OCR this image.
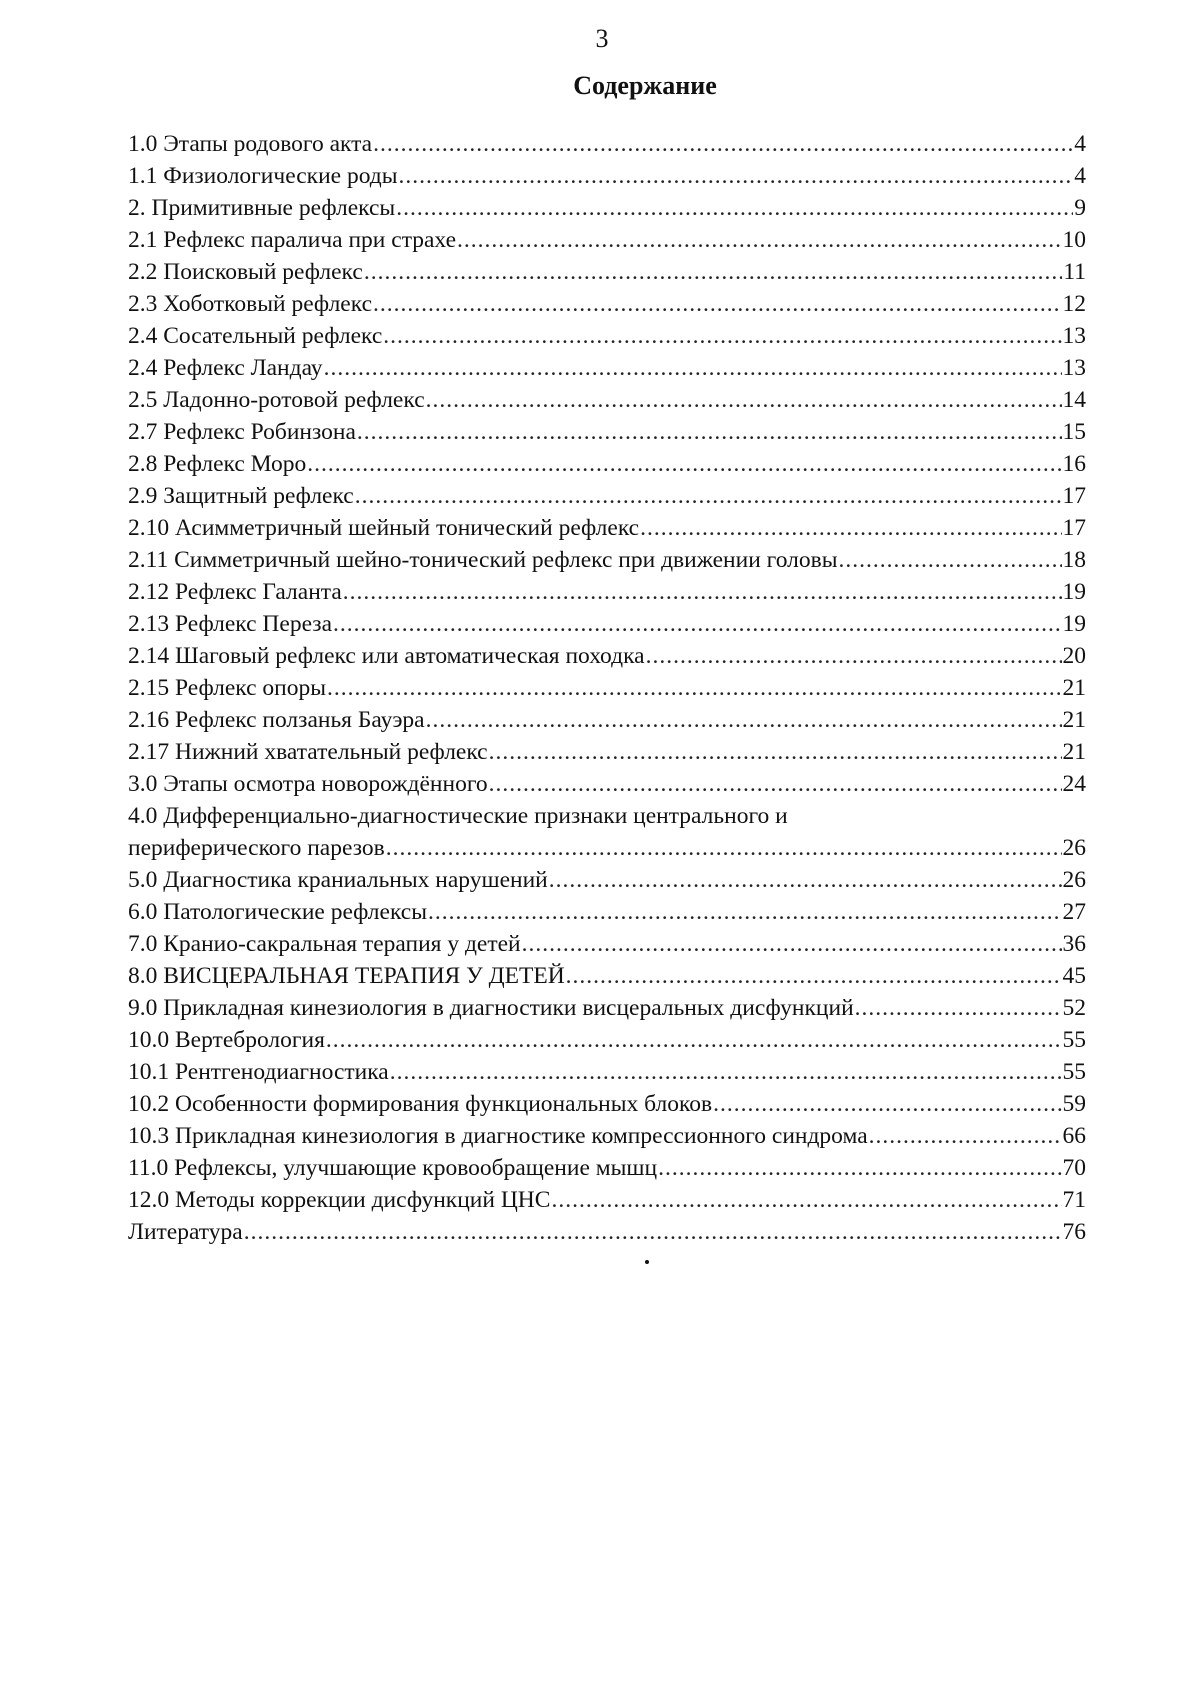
3
Содержание
1.0 Этапы родового акта .....	4
1.1 Физиологические роды .....	4
2. Примитивные рефлексы .....	9
2.1 Рефлекс паралича при страхе .....	10
2.2 Поисковый рефлекс .....	11
2.3 Хоботковый рефлекс .....	12
2.4 Сосательный рефлекс .....	13
2.4 Рефлекс Ландау .....	13
2.5 Ладонно-ротовой рефлекс .....	14
2.7 Рефлекс Робинзона .....	15
2.8 Рефлекс Моро .....	16
2.9 Защитный рефлекс .....	17
2.10 Асимметричный шейный тонический рефлекс .....	17
2.11 Симметричный шейно-тонический рефлекс при движении головы .....	18
2.12 Рефлекс Галанта .....	19
2.13 Рефлекс Переза .....	19
2.14 Шаговый рефлекс или автоматическая походка .....	20
2.15 Рефлекс опоры .....	21
2.16 Рефлекс ползанья Бауэра .....	21
2.17 Нижний хватательный рефлекс .....	21
3.0 Этапы осмотра новорождённого .....	24
4.0 Дифференциально-диагностические признаки центрального и
периферического парезов .....	26
5.0 Диагностика краниальных нарушений .....	26
6.0 Патологические рефлексы .....	27
7.0 Кранио-сакральная терапия у детей .....	36
8.0 ВИСЦЕРАЛЬНАЯ ТЕРАПИЯ У ДЕТЕЙ .....	45
9.0 Прикладная кинезиология в диагностики висцеральных дисфункций .....	52
10.0 Вертебрология .....	55
10.1 Рентгенодиагностика .....	55
10.2 Особенности формирования функциональных блоков .....	59
10.3 Прикладная кинезиология в диагностике компрессионного синдрома .....	66
11.0 Рефлексы, улучшающие кровообращение мышц .....	70
12.0 Методы коррекции дисфункций ЦНС .....	71
Литература .....	76
